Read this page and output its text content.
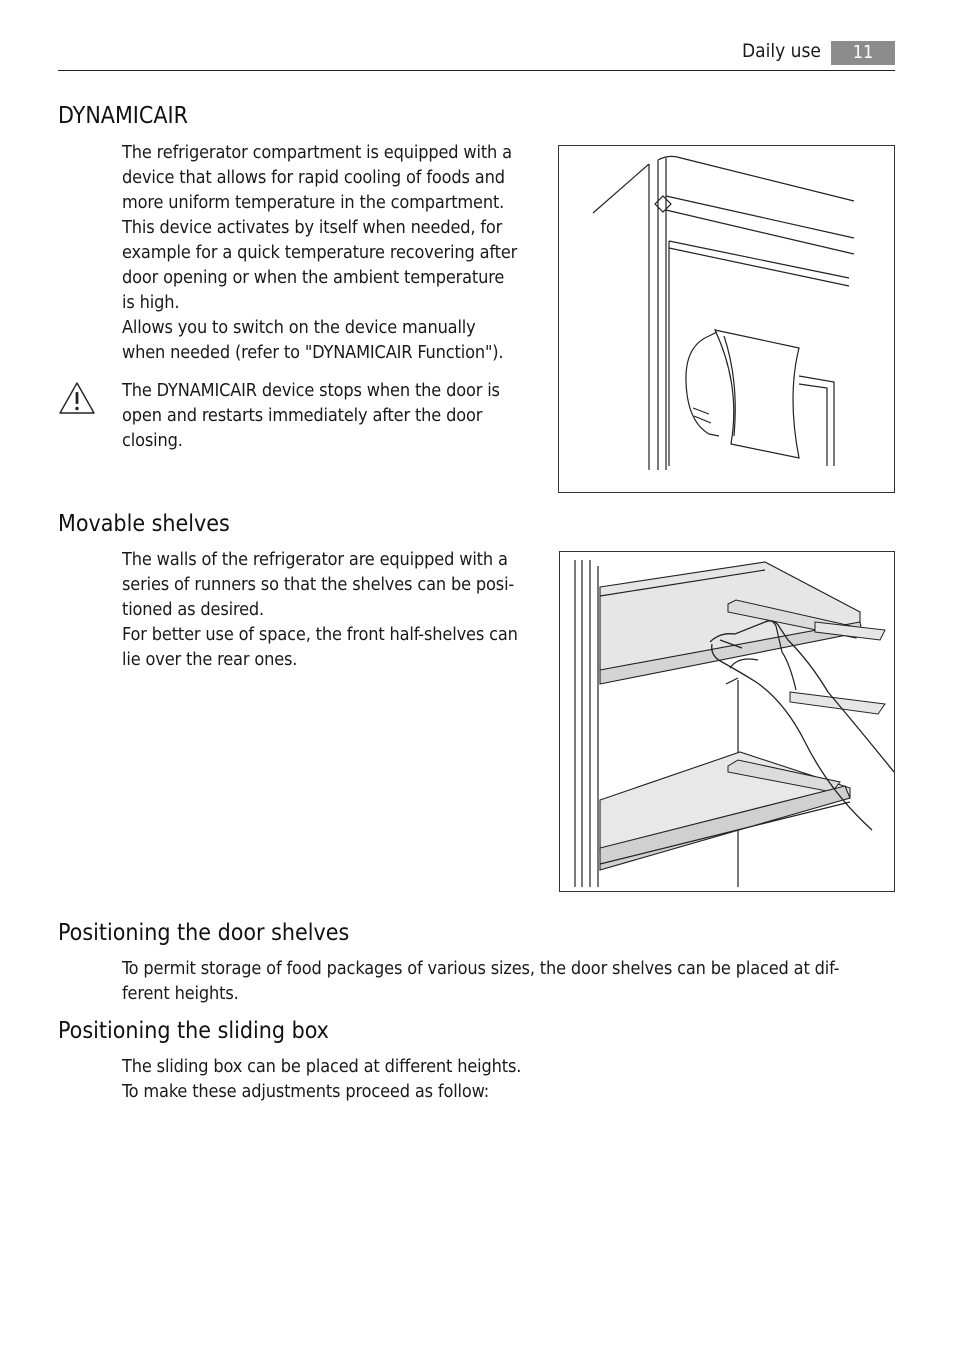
Daily use	11
DYNAMICAIR

The refrigerator compartment is equipped with a
device that allows for rapid cooling of foods and
more uniform temperature in the compartment.
This device activates by itself when needed, for
example for a quick temperature recovering after
door opening or when the ambient temperature
is high.
Allows you to switch on the device manually
when needed (refer to "DYNAMICAIR Function").

The DYNAMICAIR device stops when the door is
open and restarts immediately after the door
closing.

Movable shelves

The walls of the refrigerator are equipped with a
series of runners so that the shelves can be posi-
tioned as desired.
For better use of space, the front half-shelves can
lie over the rear ones.

Positioning the door shelves

To permit storage of food packages of various sizes, the door shelves can be placed at dif-
ferent heights.

Positioning the sliding box

The sliding box can be placed at different heights.
To make these adjustments proceed as follow:
